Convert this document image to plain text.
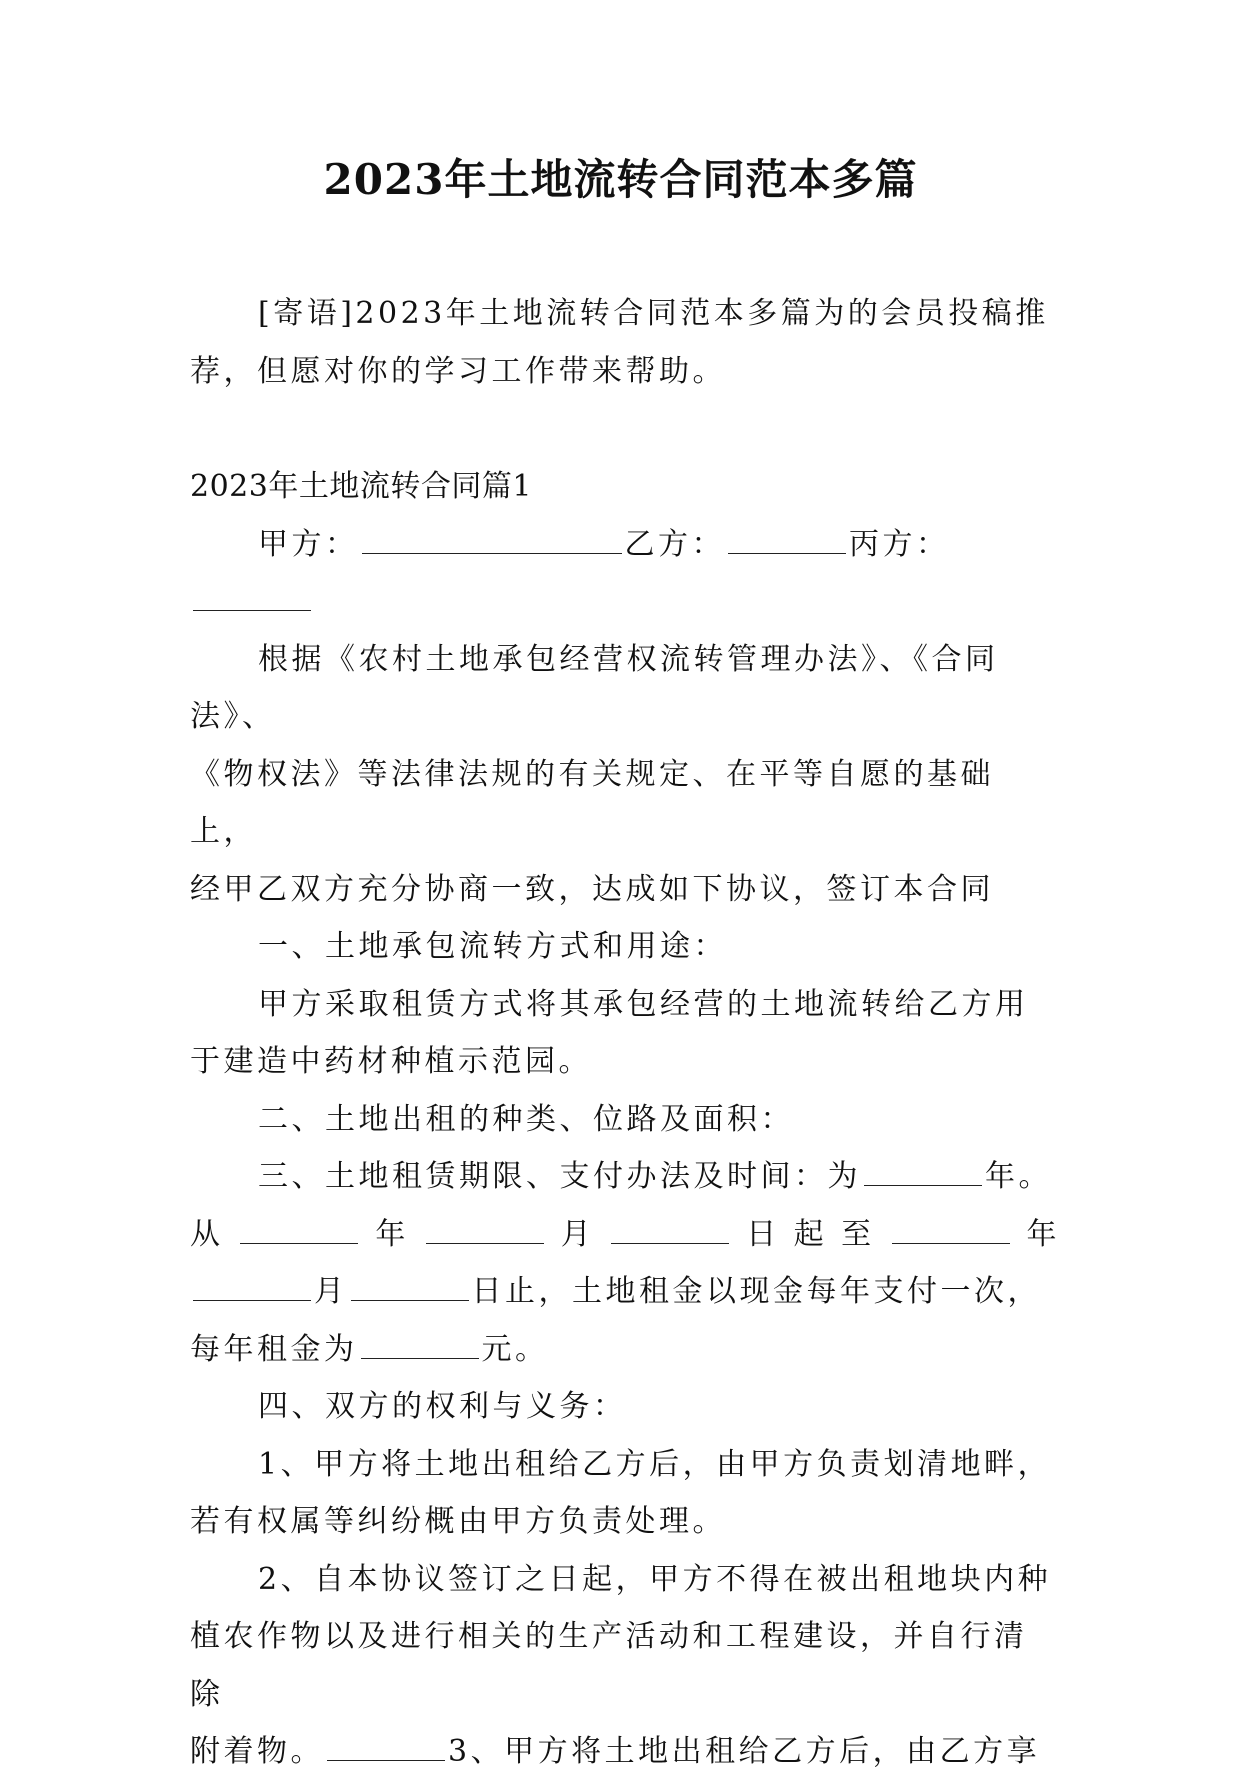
2023年土地流转合同范本多篇

[寄语]2023年土地流转合同范本多篇为的会员投稿推

荐，但愿对你的学习工作带来帮助。

2023年土地流转合同篇1

甲方：	乙方：	丙方：

根据《农村土地承包经营权流转管理办法》、《合同法》、

《物权法》等法律法规的有关规定、在平等自愿的基础上，

经甲乙双方充分协商一致，达成如下协议，签订本合同

一、土地承包流转方式和用途：

甲方采取租赁方式将其承包经营的土地流转给乙方用

于建造中药材种植示范园。

二、土地出租的种类、位路及面积：

三、土地租赁期限、支付办法及时间：为	年。

从	年	月	日起至	年

月	日止，土地租金以现金每年支付一次，

每年租金为	元。

四、双方的权利与义务：

1、甲方将土地出租给乙方后，由甲方负责划清地畔，

若有权属等纠纷概由甲方负责处理。

2、自本协议签订之日起，甲方不得在被出租地块内种

植农作物以及进行相关的生产活动和工程建设，并自行清除

附着物。	3、甲方将土地出租给乙方后，由乙方享
